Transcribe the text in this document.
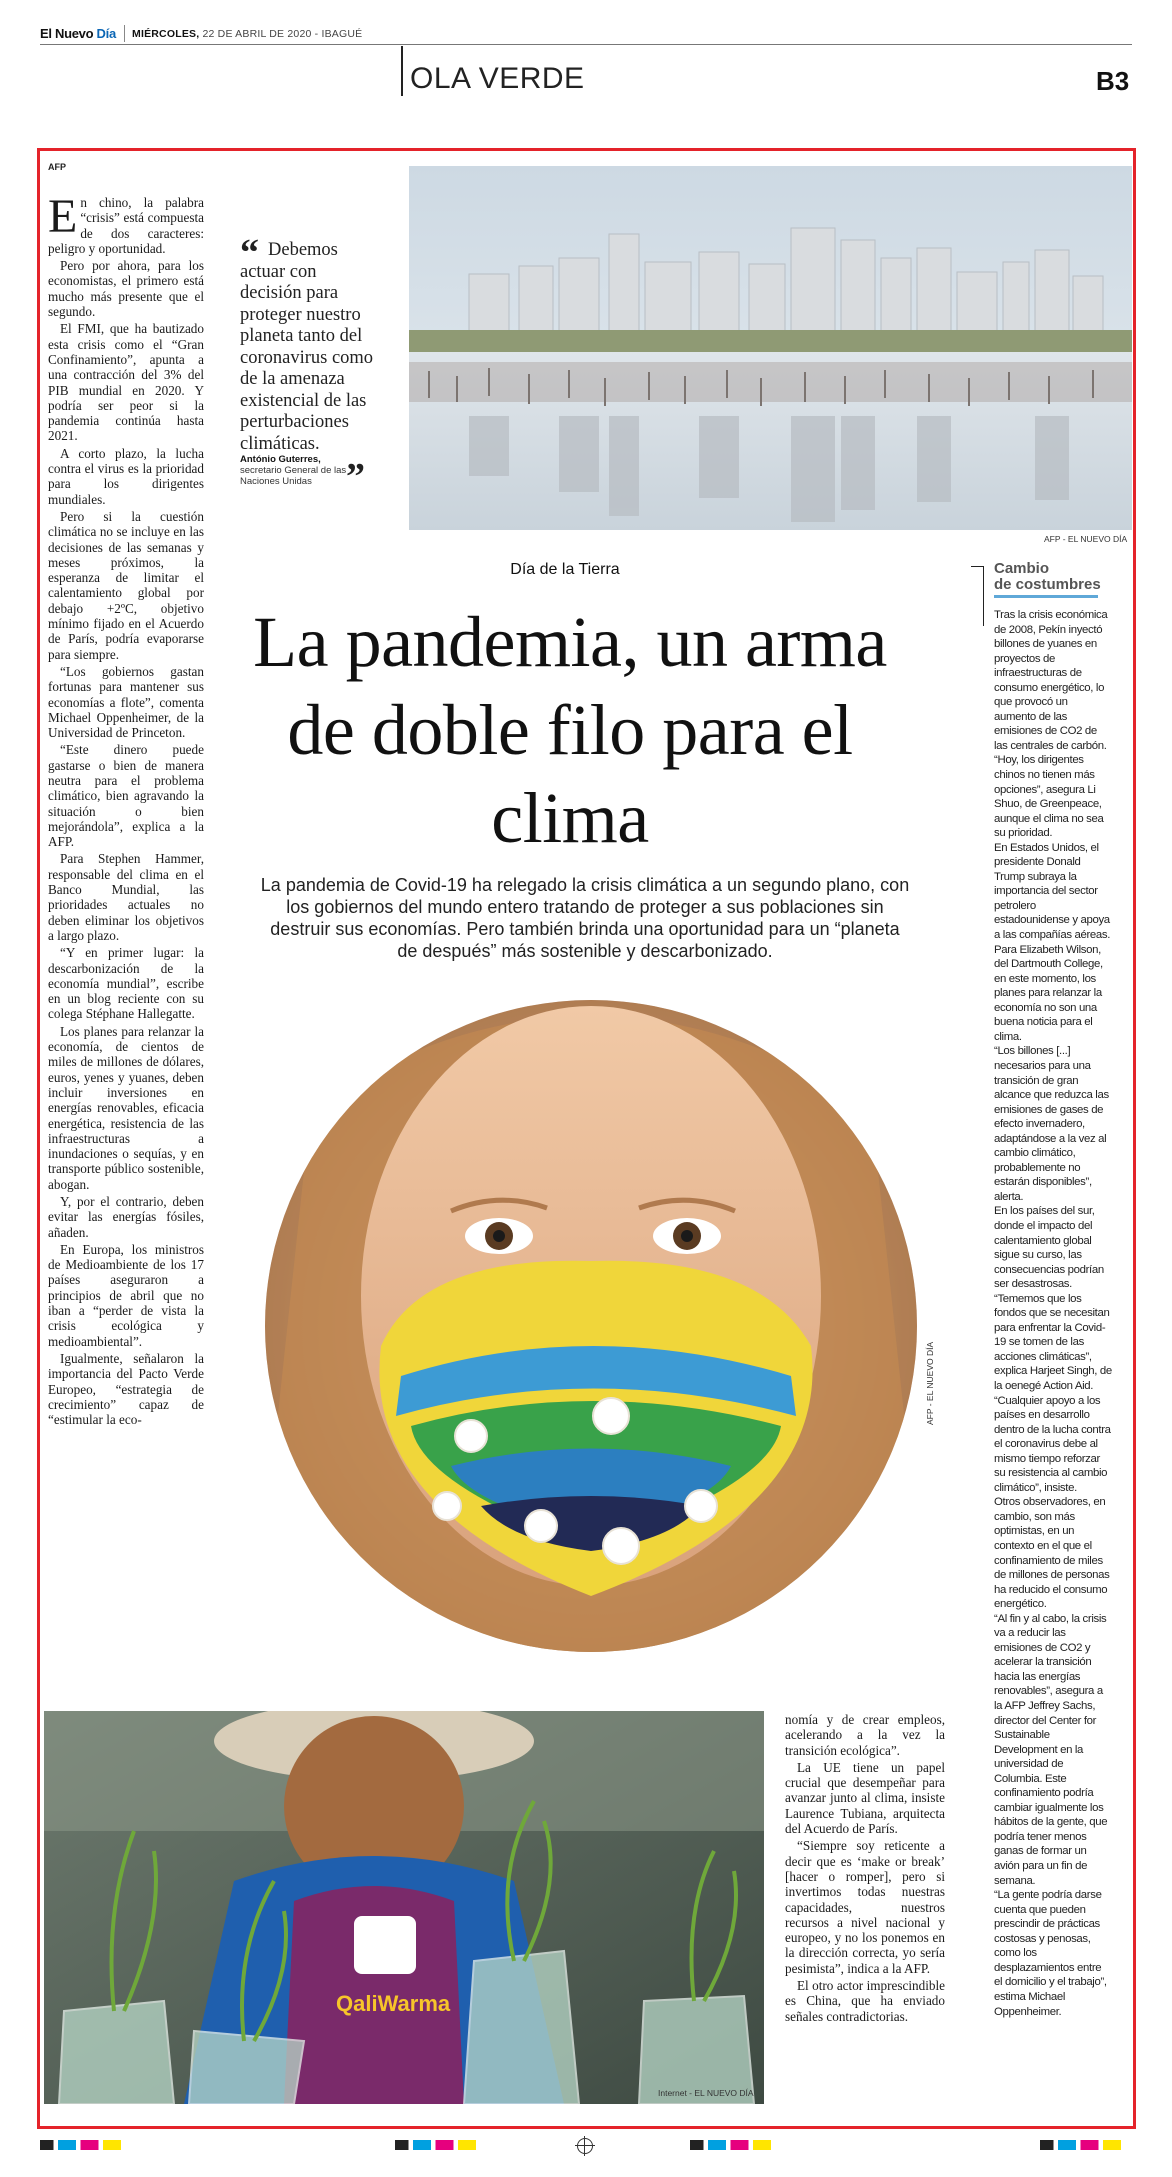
El Nuevo Día MIÉRCOLES, 22 DE ABRIL DE 2020 - IBAGUÉ
OLA VERDE	B3
AFP

En chino, la palabra “crisis” está compuesta de dos caracteres: peligro y oportunidad.

Pero por ahora, para los economistas, el primero está mucho más presente que el segundo.

El FMI, que ha bautizado esta crisis como el “Gran Confinamiento”, apunta a una contracción del 3% del PIB mundial en 2020. Y podría ser peor si la pandemia continúa hasta 2021.

A corto plazo, la lucha contra el virus es la prioridad para los dirigentes mundiales.

Pero si la cuestión climática no se incluye en las decisiones de las semanas y meses próximos, la esperanza de limitar el calentamiento global por debajo +2ºC, objetivo mínimo fijado en el Acuerdo de París, podría evaporarse para siempre.

“Los gobiernos gastan fortunas para mantener sus economías a flote”, comenta Michael Oppenheimer, de la Universidad de Princeton.

“Este dinero puede gastarse o bien de manera neutra para el problema climático, bien agravando la situación o bien mejorándola”, explica a la AFP.

Para Stephen Hammer, responsable del clima en el Banco Mundial, las prioridades actuales no deben eliminar los objetivos a largo plazo.

“Y en primer lugar: la descarbonización de la economía mundial”, escribe en un blog reciente con su colega Stéphane Hallegatte.

Los planes para relanzar la economía, de cientos de miles de millones de dólares, euros, yenes y yuanes, deben incluir inversiones en energías renovables, eficacia energética, resistencia de las infraestructuras a inundaciones o sequías, y en transporte público sostenible, abogan.

Y, por el contrario, deben evitar las energías fósiles, añaden.

En Europa, los ministros de Medioambiente de los 17 países aseguraron a principios de abril que no iban a “perder de vista la crisis ecológica y medioambiental”.

Igualmente, señalaron la importancia del Pacto Verde Europeo, “estrategia de crecimiento” capaz de “estimular la eco-

“ Debemos actuar con decisión para proteger nuestro planeta tanto del coronavirus como de la amenaza existencial de las perturbaciones climáticas.
António Guterres,
secretario General de las Naciones Unidas ”
AFP - EL NUEVO DÍA
Día de la Tierra
La pandemia, un arma de doble filo para el clima
La pandemia de Covid-19 ha relegado la crisis climática a un segundo plano, con los gobiernos del mundo entero tratando de proteger a sus poblaciones sin destruir sus economías. Pero también brinda una oportunidad para un “planeta de después” más sostenible y descarbonizado.
AFP - EL NUEVO DÍA
Cambio
de costumbres

Tras la crisis económica de 2008, Pekín inyectó billones de yuanes en proyectos de infraestructuras de consumo energético, lo que provocó un aumento de las emisiones de CO2 de las centrales de carbón.

“Hoy, los dirigentes chinos no tienen más opciones”, asegura Li Shuo, de Greenpeace, aunque el clima no sea su prioridad.

En Estados Unidos, el presidente Donald Trump subraya la importancia del sector petrolero estadounidense y apoya a las compañías aéreas.

Para Elizabeth Wilson, del Dartmouth College, en este momento, los planes para relanzar la economía no son una buena noticia para el clima.

“Los billones [...] necesarios para una transición de gran alcance que reduzca las emisiones de gases de efecto invernadero, adaptándose a la vez al cambio climático, probablemente no estarán disponibles”, alerta.

En los países del sur, donde el impacto del calentamiento global sigue su curso, las consecuencias podrían ser desastrosas.

“Tememos que los fondos que se necesitan para enfrentar la Covid-19 se tomen de las acciones climáticas”, explica Harjeet Singh, de la oenegé Action Aid.

“Cualquier apoyo a los países en desarrollo dentro de la lucha contra el coronavirus debe al mismo tiempo reforzar su resistencia al cambio climático”, insiste.

Otros observadores, en cambio, son más optimistas, en un contexto en el que el confinamiento de miles de millones de personas ha reducido el consumo energético.

“Al fin y al cabo, la crisis va a reducir las emisiones de CO2 y acelerar la transición hacia las energías renovables”, asegura a la AFP Jeffrey Sachs, director del Center for Sustainable Development en la universidad de Columbia. Este confinamiento podría cambiar igualmente los hábitos de la gente, que podría tener menos ganas de formar un avión para un fin de semana.

“La gente podría darse cuenta que pueden prescindir de prácticas costosas y penosas, como los desplazamientos entre el domicilio y el trabajo”, estima Michael Oppenheimer.

QaliWarma
Internet - EL NUEVO DÍA

nomía y de crear empleos, acelerando a la vez la transición ecológica”.

La UE tiene un papel crucial que desempeñar para avanzar junto al clima, insiste Laurence Tubiana, arquitecta del Acuerdo de París.

“Siempre soy reticente a decir que es ‘make or break’ [hacer o romper], pero si invertimos todas nuestras capacidades, nuestros recursos a nivel nacional y europeo, y no los ponemos en la dirección correcta, yo sería pesimista”, indica a la AFP.

El otro actor imprescindible es China, que ha enviado señales contradictorias.
